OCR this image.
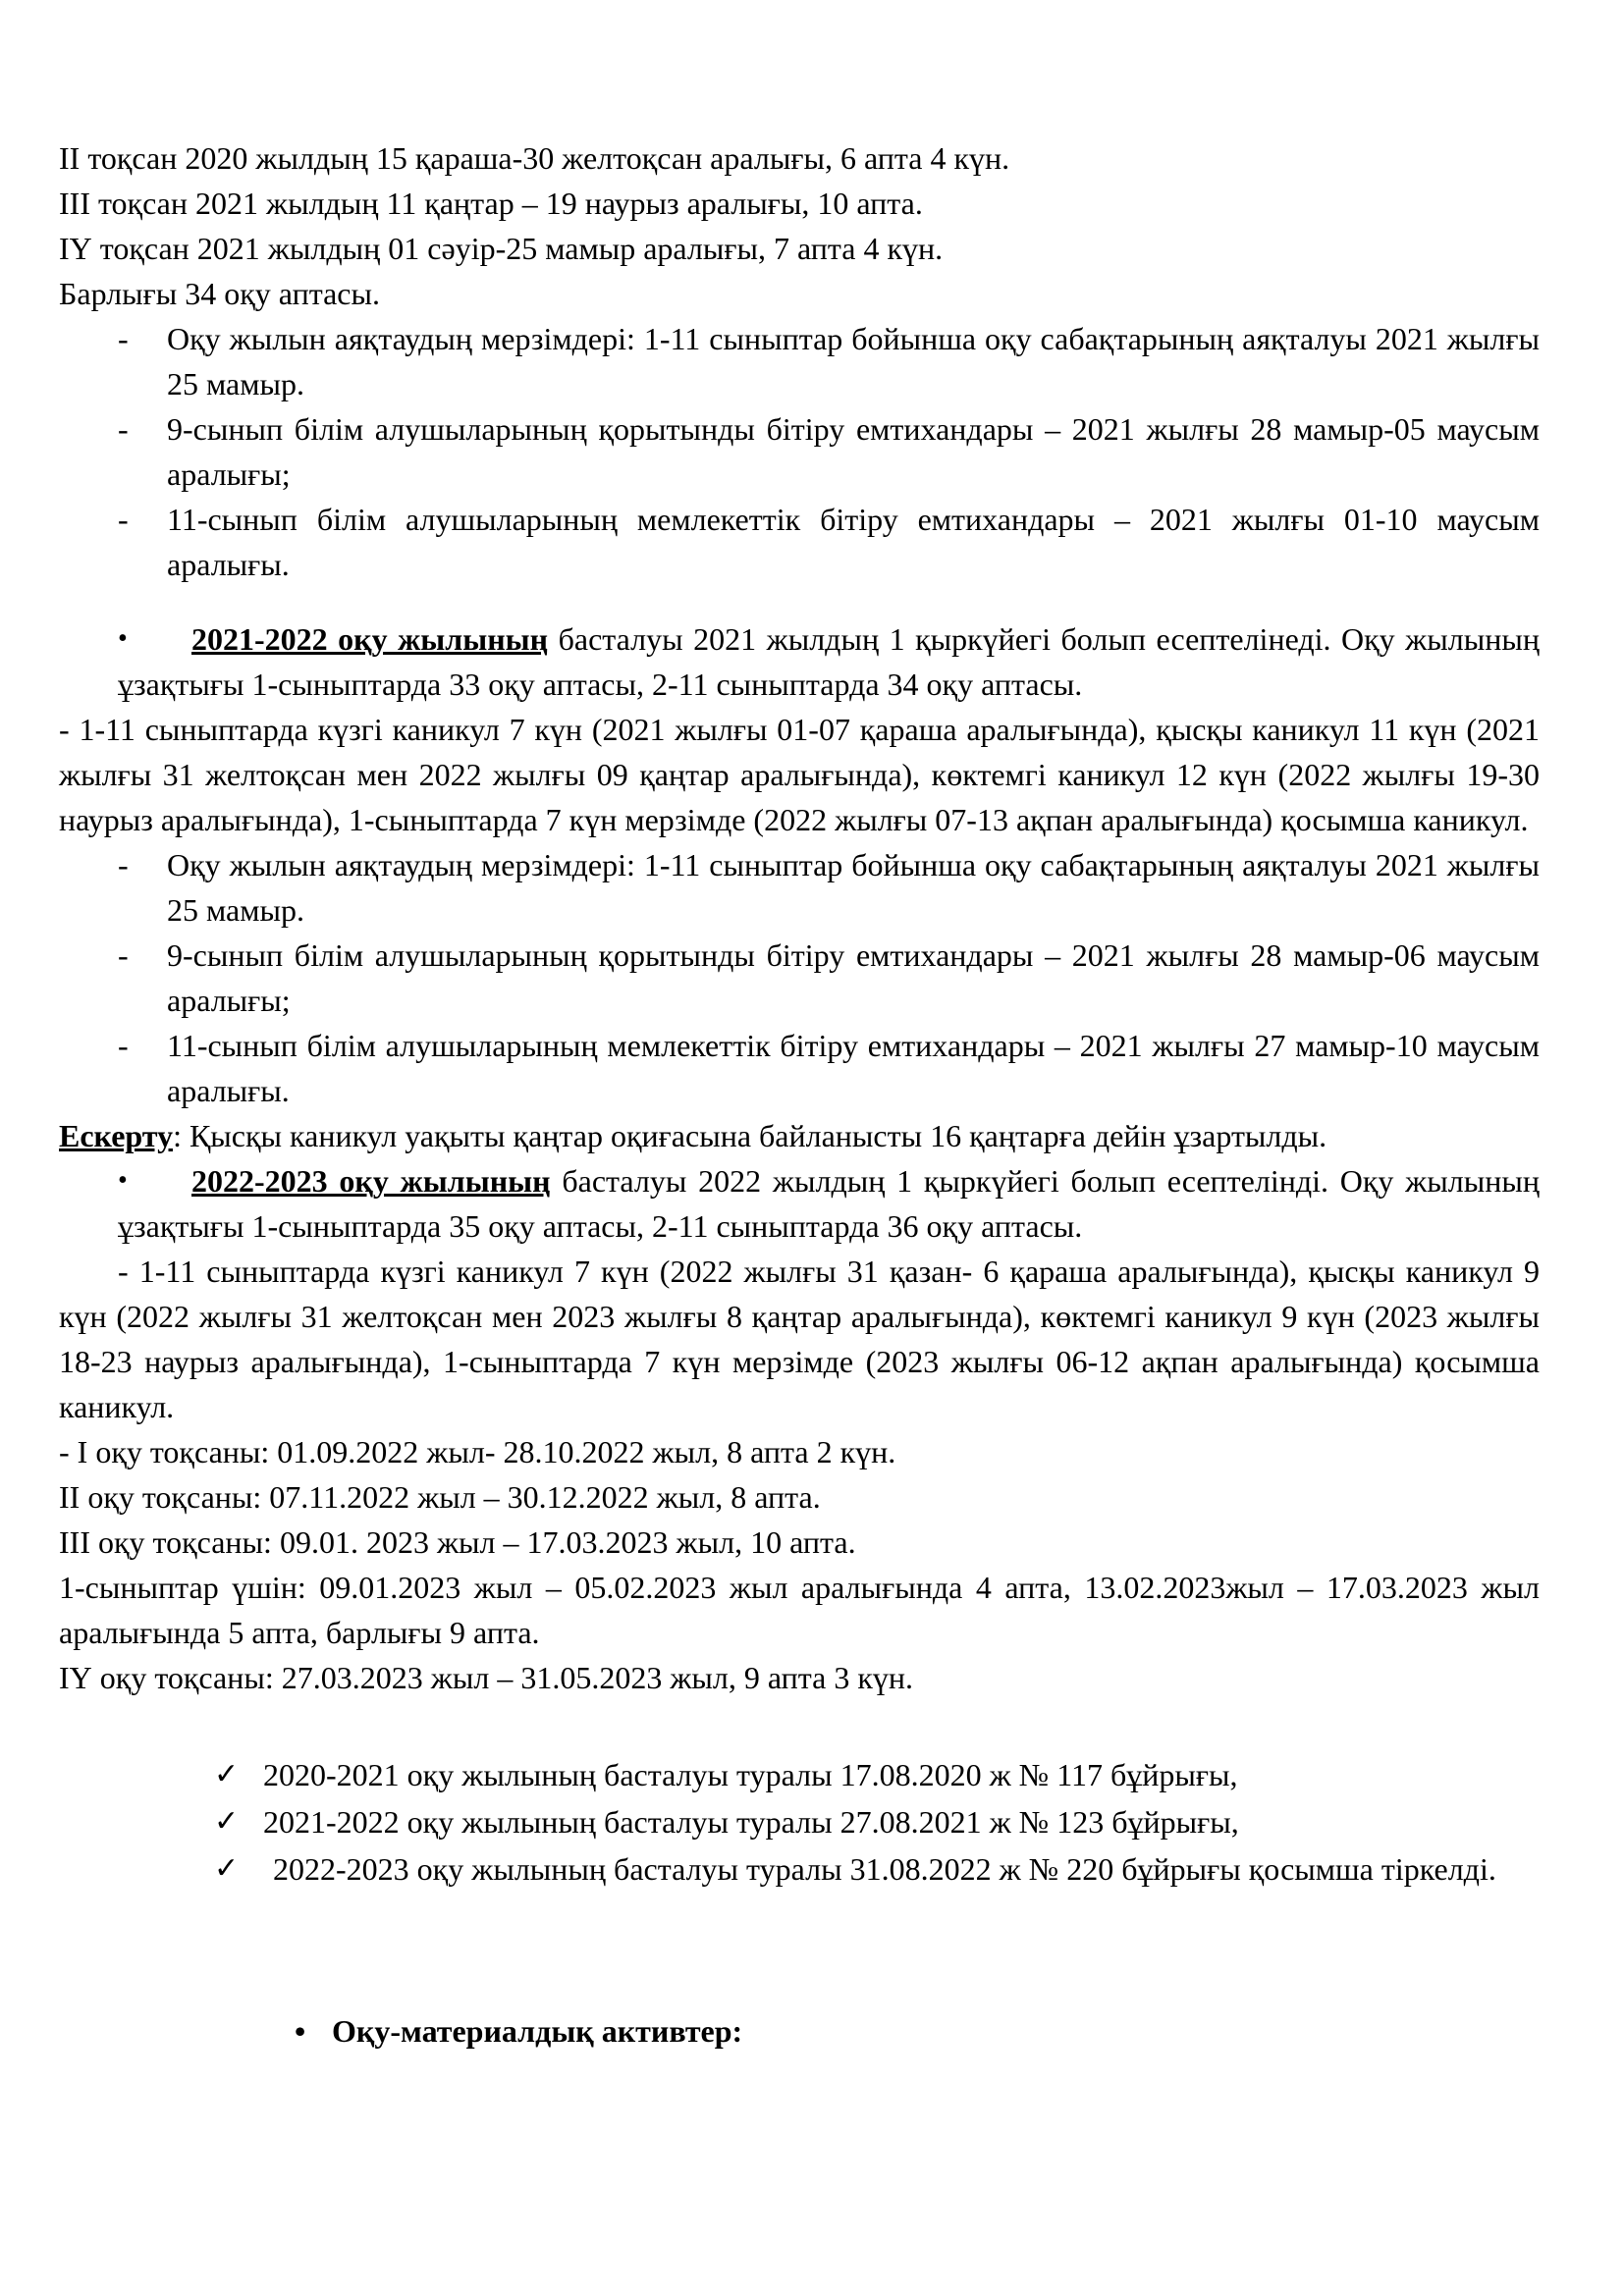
ІІ тоқсан 2020 жылдың 15 қараша-30 желтоқсан аралығы, 6 апта 4 күн.

ІІІ тоқсан 2021 жылдың 11 қаңтар – 19 наурыз аралығы, 10 апта.

ІҮ тоқсан 2021 жылдың 01 сәуір-25 мамыр аралығы, 7 апта 4 күн.

Барлығы 34 оқу аптасы.

- Оқу жылын аяқтаудың мерзімдері: 1-11 сыныптар бойынша оқу сабақтарының аяқталуы 2021 жылғы 25 мамыр.
- 9-сынып білім алушыларының қорытынды бітіру емтихандары – 2021 жылғы 28 мамыр-05 маусым аралығы;
- 11-сынып білім алушыларының мемлекеттік бітіру емтихандары – 2021 жылғы 01-10 маусым аралығы.
• 2021-2022 оқу жылының басталуы 2021 жылдың 1 қыркүйегі болып есептелінеді. Оқу жылының ұзақтығы 1-сыныптарда 33 оқу аптасы, 2-11 сыныптарда 34 оқу аптасы.

- 1-11 сыныптарда күзгі каникул 7 күн (2021 жылғы 01-07 қараша аралығында), қысқы каникул 11 күн (2021 жылғы 31 желтоқсан мен 2022 жылғы 09 қаңтар аралығында), көктемгі каникул 12 күн (2022 жылғы 19-30 наурыз аралығында), 1-сыныптарда 7 күн мерзімде (2022 жылғы 07-13 ақпан аралығында) қосымша каникул.

- Оқу жылын аяқтаудың мерзімдері: 1-11 сыныптар бойынша оқу сабақтарының аяқталуы 2021 жылғы 25 мамыр.
- 9-сынып білім алушыларының қорытынды бітіру емтихандары – 2021 жылғы 28 мамыр-06 маусым аралығы;
- 11-сынып білім алушыларының мемлекеттік бітіру емтихандары – 2021 жылғы 27 мамыр-10 маусым аралығы.

Ескерту: Қысқы каникул уақыты қаңтар оқиғасына байланысты 16 қаңтарға дейін ұзартылды.

• 2022-2023 оқу жылының басталуы 2022 жылдың 1 қыркүйегі болып есептелінді. Оқу жылының ұзақтығы 1-сыныптарда 35 оқу аптасы, 2-11 сыныптарда 36 оқу аптасы.

- 1-11 сыныптарда күзгі каникул 7 күн (2022 жылғы 31 қазан- 6 қараша аралығында), қысқы каникул 9 күн (2022 жылғы 31 желтоқсан мен 2023 жылғы 8 қаңтар аралығында), көктемгі каникул 9 күн (2023 жылғы 18-23 наурыз аралығында), 1-сыныптарда 7 күн мерзімде (2023 жылғы 06-12 ақпан аралығында) қосымша каникул.

- І оқу тоқсаны: 01.09.2022 жыл- 28.10.2022 жыл, 8 апта 2 күн.

ІІ оқу тоқсаны: 07.11.2022 жыл – 30.12.2022 жыл, 8 апта.

ІІІ оқу тоқсаны: 09.01. 2023 жыл – 17.03.2023 жыл, 10 апта.

1-сыныптар үшін: 09.01.2023 жыл – 05.02.2023 жыл аралығында 4 апта, 13.02.2023жыл – 17.03.2023 жыл аралығында 5 апта, барлығы 9 апта.

ІҮ оқу тоқсаны: 27.03.2023 жыл – 31.05.2023 жыл, 9 апта 3 күн.

✓ 2020-2021 оқу жылының басталуы туралы 17.08.2020 ж № 117 бұйрығы,
✓ 2021-2022 оқу жылының басталуы туралы 27.08.2021 ж № 123 бұйрығы,
✓ 2022-2023 оқу жылының басталуы туралы 31.08.2022 ж № 220 бұйрығы қосымша тіркелді.
• Оқу-материалдық активтер:
